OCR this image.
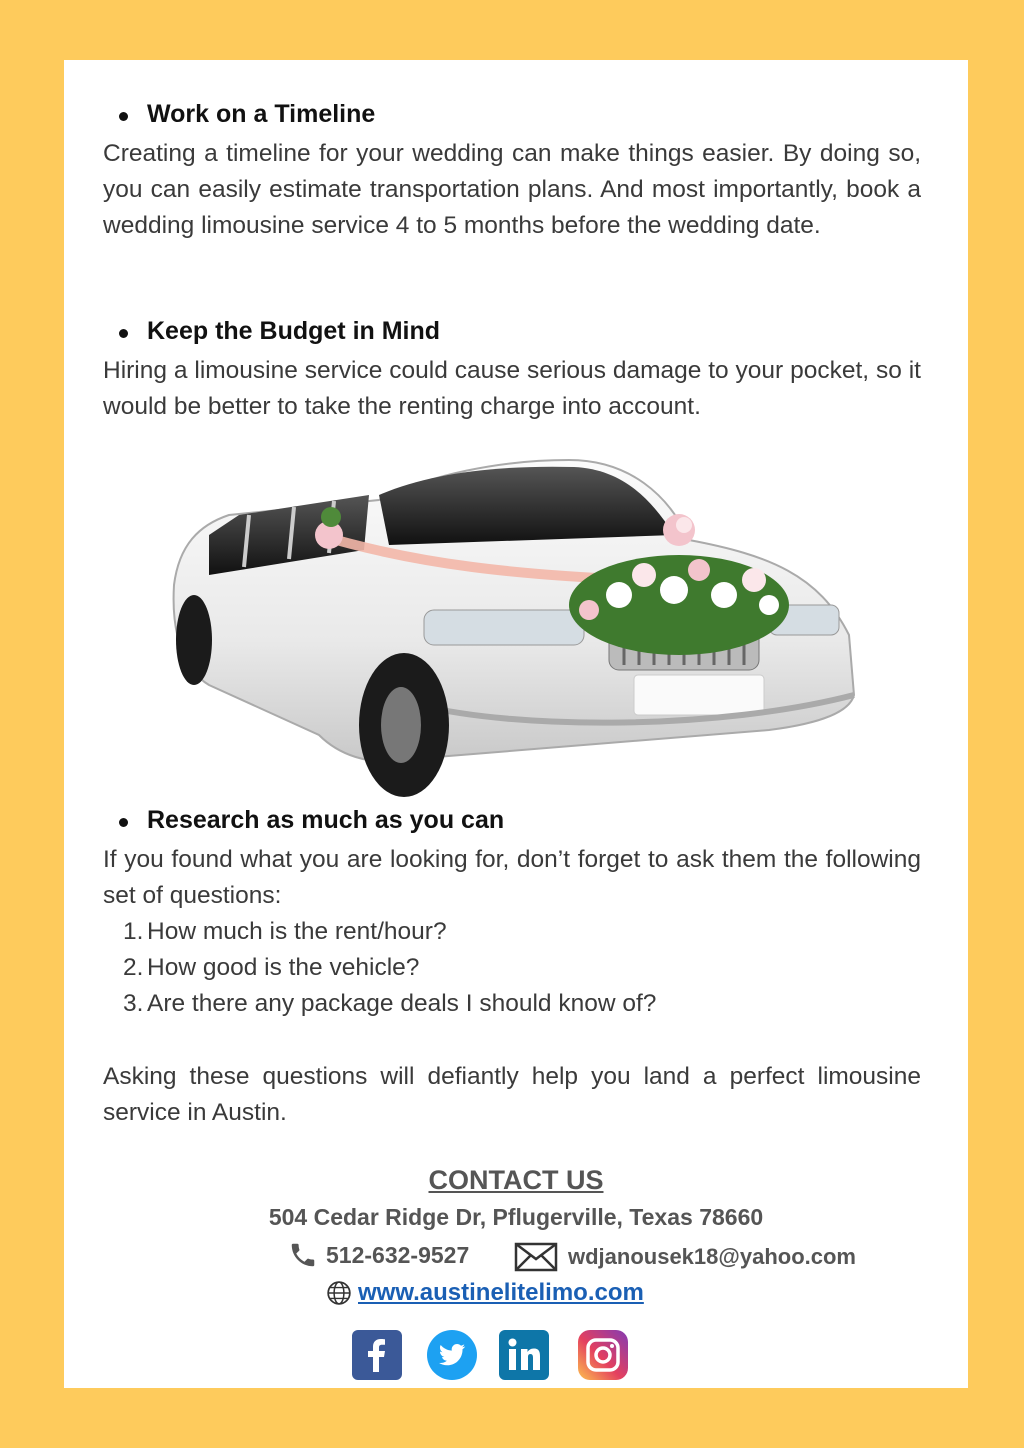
Work on a Timeline
Creating a timeline for your wedding can make things easier. By doing so, you can easily estimate transportation plans. And most importantly, book a wedding limousine service 4 to 5 months before the wedding date.
Keep the Budget in Mind
Hiring a limousine service could cause serious damage to your pocket, so it would be better to take the renting charge into account.
Research as much as you can
If you found what you are looking for, don’t forget to ask them the following set of questions:
1. How much is the rent/hour?
2. How good is the vehicle?
3. Are there any package deals I should know of?
Asking these questions will defiantly help you land a perfect limousine service in Austin.
CONTACT US
504 Cedar Ridge Dr, Pflugerville, Texas 78660
512-632-9527	wdjanousek18@yahoo.com
www.austinelitelimo.com
